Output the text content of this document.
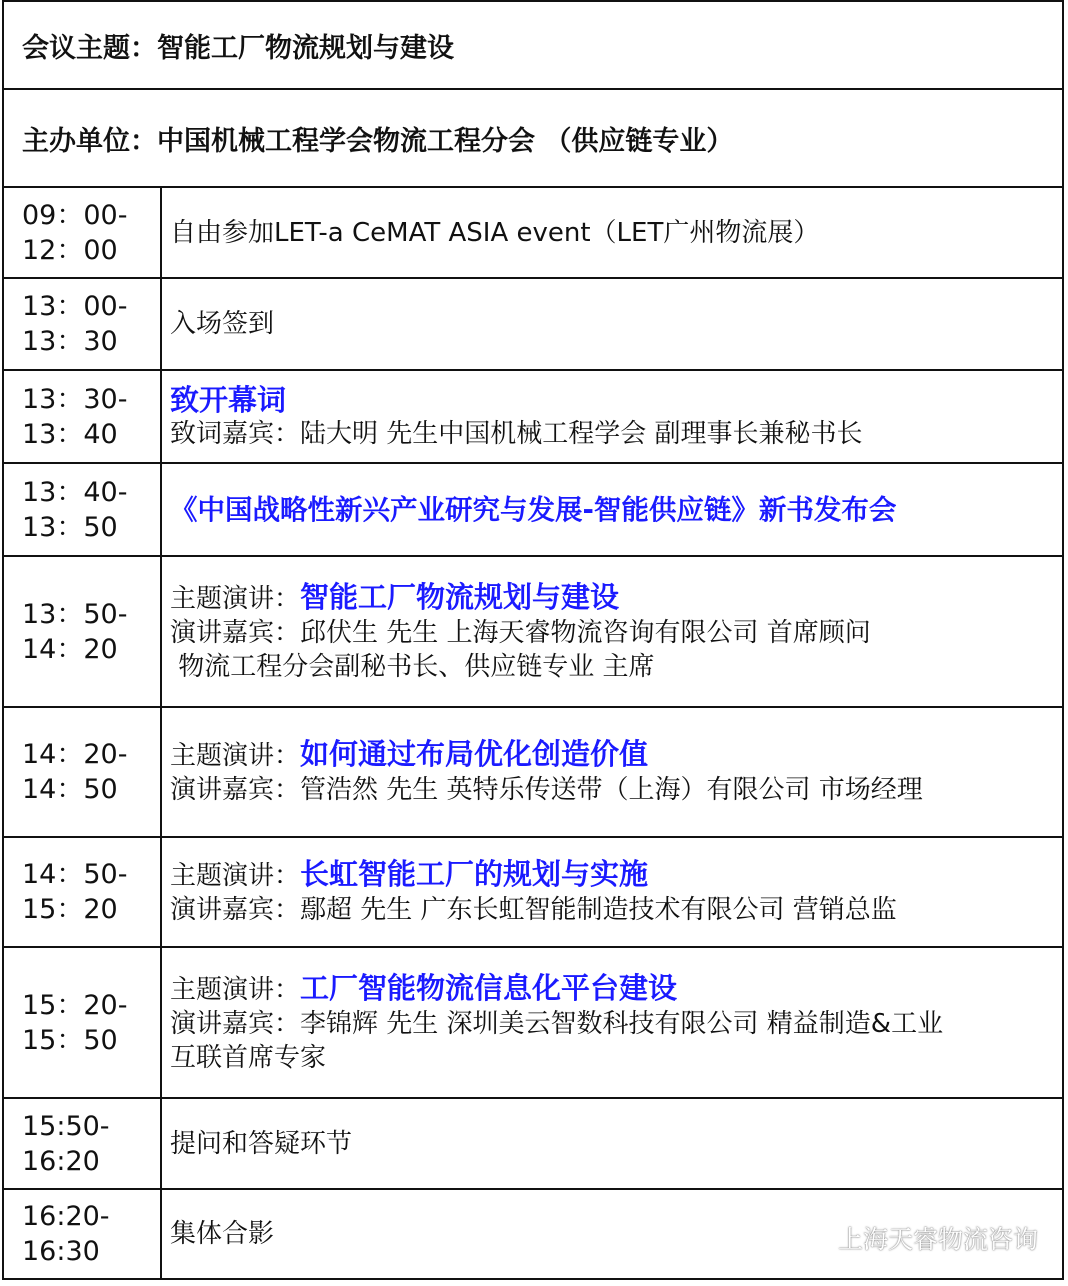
会议主题：智能工厂物流规划与建设
主办单位：中国机械工程学会物流工程分会 （供应链专业）
09：00-
12：00
自由参加LET-a CeMAT ASIA event（LET广州物流展）
13：00-
13：30
入场签到
13：30-
13：40
致开幕词
致词嘉宾：陆大明 先生中国机械工程学会 副理事长兼秘书长
13：40-
13：50
《中国战略性新兴产业研究与发展-智能供应链》新书发布会
13：50-
14：20
主题演讲： 智能工厂物流规划与建设
演讲嘉宾：邱伏生 先生 上海天睿物流咨询有限公司 首席顾问
物流工程分会副秘书长、供应链专业 主席
14：20-
14：50
主题演讲： 如何通过布局优化创造价值
演讲嘉宾：管浩然 先生 英特乐传送带（上海）有限公司 市场经理
14：50-
15：20
主题演讲： 长虹智能工厂的规划与实施
演讲嘉宾：鄢超 先生 广东长虹智能制造技术有限公司 营销总监
15：20-
15：50
主题演讲： 工厂智能物流信息化平台建设
演讲嘉宾：李锦辉 先生 深圳美云智数科技有限公司 精益制造&工业
互联首席专家
15:50-
16:20
提问和答疑环节
16:20-
16:30
集体合影	上海天睿物流咨询
